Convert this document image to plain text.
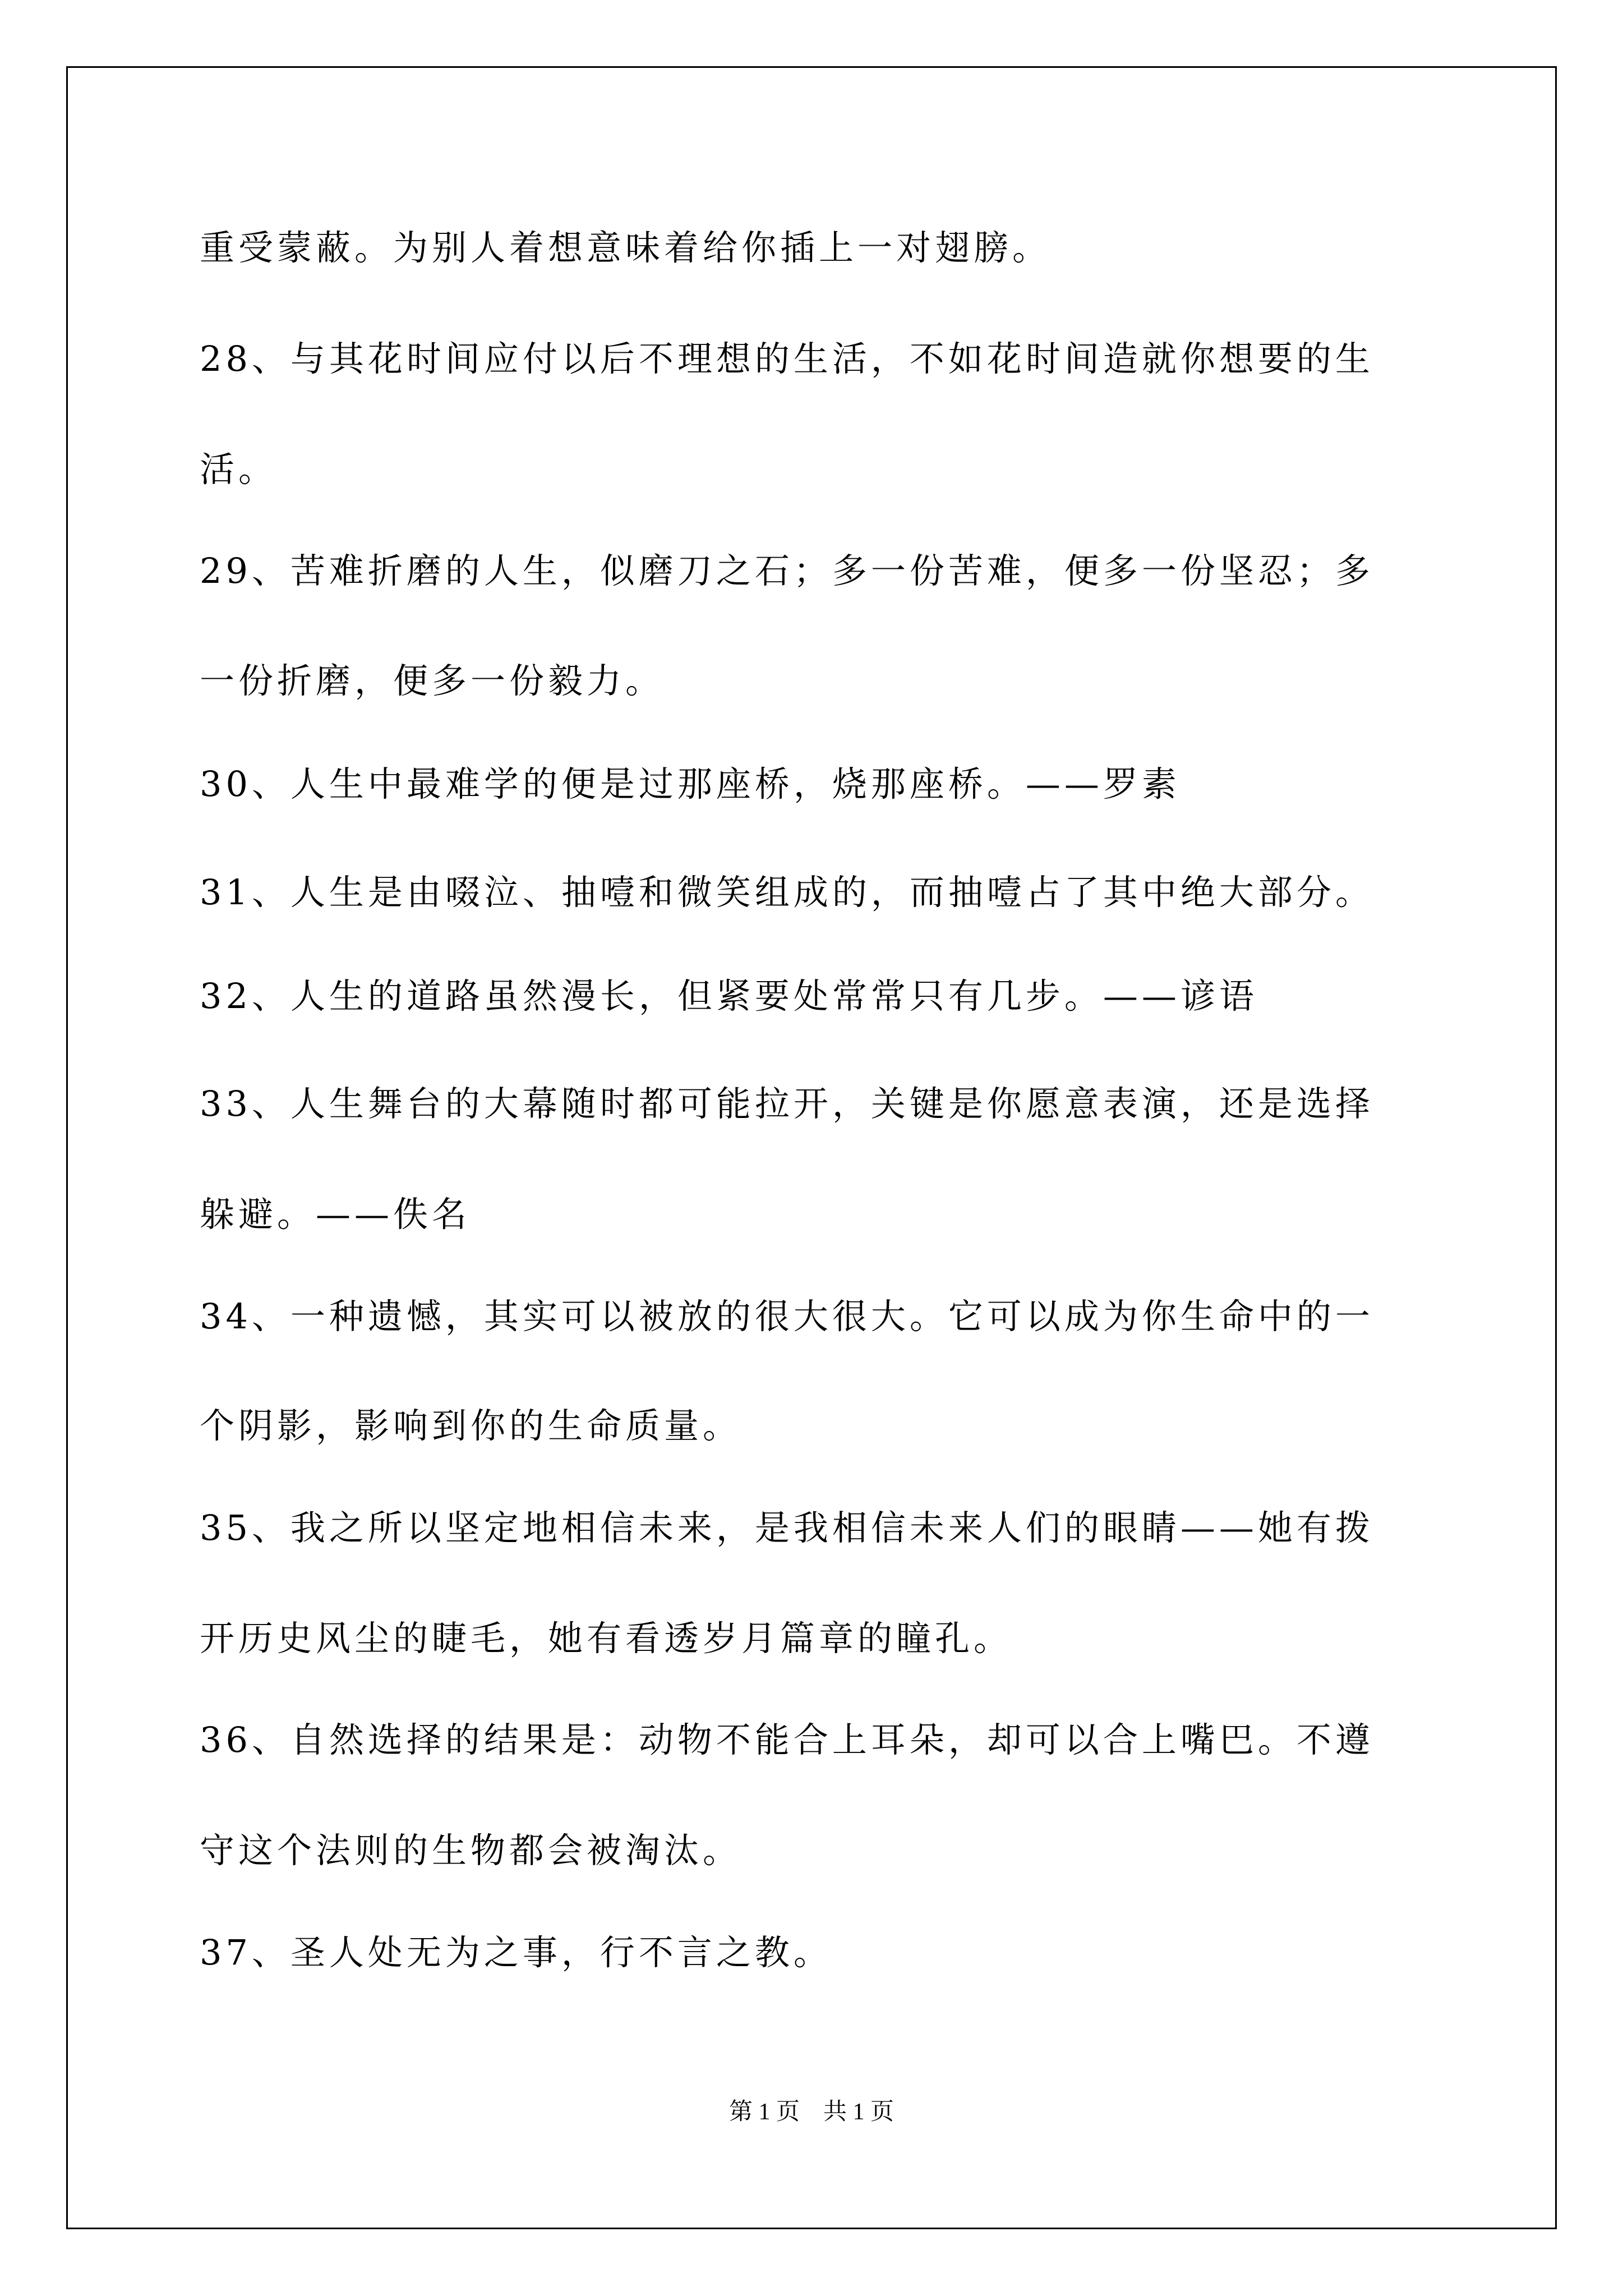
重受蒙蔽。为别人着想意味着给你插上一对翅膀。
28、与其花时间应付以后不理想的生活，不如花时间造就你想要的生
活。
29、苦难折磨的人生，似磨刀之石；多一份苦难，便多一份坚忍；多
一份折磨，便多一份毅力。
30、人生中最难学的便是过那座桥，烧那座桥。——罗素
31、人生是由啜泣、抽噎和微笑组成的，而抽噎占了其中绝大部分。
32、人生的道路虽然漫长，但紧要处常常只有几步。——谚语
33、人生舞台的大幕随时都可能拉开，关键是你愿意表演，还是选择
躲避。——佚名
34、一种遗憾，其实可以被放的很大很大。它可以成为你生命中的一
个阴影，影响到你的生命质量。
35、我之所以坚定地相信未来，是我相信未来人们的眼睛——她有拨
开历史风尘的睫毛，她有看透岁月篇章的瞳孔。
36、自然选择的结果是：动物不能合上耳朵，却可以合上嘴巴。不遵
守这个法则的生物都会被淘汰。
37、圣人处无为之事，行不言之教。
第 1 页    共 1 页
